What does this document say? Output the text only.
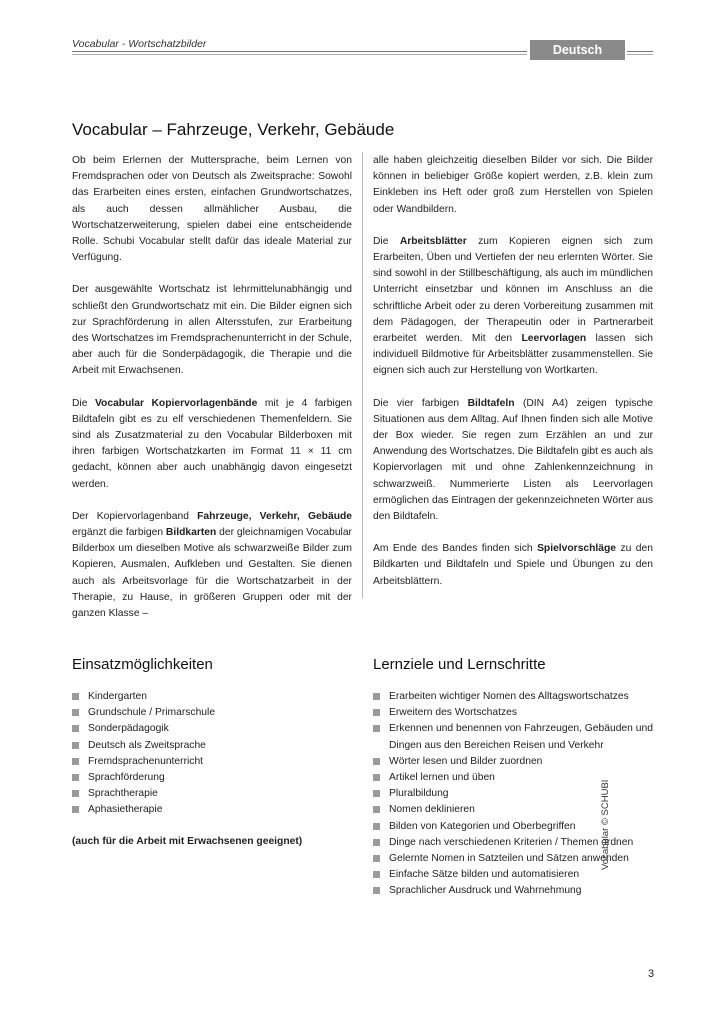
Vocabular - Wortschatzbilder	Deutsch
Vocabular – Fahrzeuge, Verkehr, Gebäude

Ob beim Erlernen der Muttersprache, beim Lernen von Fremdsprachen oder von Deutsch als Zweitsprache: Sowohl das Erarbeiten eines ersten, einfachen Grundwortschatzes, als auch dessen allmählicher Ausbau, die Wortschatzerweiterung, spielen dabei eine entscheidende Rolle. Schubi Vocabular stellt dafür das ideale Material zur Verfügung.

Der ausgewählte Wortschatz ist lehrmittelunabhängig und schließt den Grundwortschatz mit ein. Die Bilder eignen sich zur Sprachförderung in allen Altersstufen, zur Erarbeitung des Wortschatzes im Fremdsprachenunterricht in der Schule, aber auch für die Sonderpädagogik, die Therapie und die Arbeit mit Erwachsenen.

Die Vocabular Kopiervorlagenbände mit je 4 farbigen Bildtafeln gibt es zu elf verschiedenen Themenfeldern. Sie sind als Zusatzmaterial zu den Vocabular Bilderboxen mit ihren farbigen Wortschatzkarten im Format 11 × 11 cm gedacht, können aber auch unabhängig davon eingesetzt werden.

Der Kopiervorlagenband Fahrzeuge, Verkehr, Gebäude ergänzt die farbigen Bildkarten der gleichnamigen Vocabular Bilderbox um dieselben Motive als schwarzweiße Bilder zum Kopieren, Ausmalen, Aufkleben und Gestalten. Sie dienen auch als Arbeitsvorlage für die Wortschatzarbeit in der Therapie, zu Hause, in größeren Gruppen oder mit der ganzen Klasse –

alle haben gleichzeitig dieselben Bilder vor sich. Die Bilder können in beliebiger Größe kopiert werden, z.B. klein zum Einkleben ins Heft oder groß zum Herstellen von Spielen oder Wandbildern.

Die Arbeitsblätter zum Kopieren eignen sich zum Erarbeiten, Üben und Vertiefen der neu erlernten Wörter. Sie sind sowohl in der Stillbeschäftigung, als auch im mündlichen Unterricht einsetzbar und können im Anschluss an die schriftliche Arbeit oder zu deren Vorbereitung zusammen mit dem Pädagogen, der Therapeutin oder in Partnerarbeit erarbeitet werden. Mit den Leervorlagen lassen sich individuell Bildmotive für Arbeitsblätter zusammenstellen. Sie eignen sich auch zur Herstellung von Wortkarten.

Die vier farbigen Bildtafeln (DIN A4) zeigen typische Situationen aus dem Alltag. Auf Ihnen finden sich alle Motive der Box wieder. Sie regen zum Erzählen an und zur Anwendung des Wortschatzes. Die Bildtafeln gibt es auch als Kopiervorlagen mit und ohne Zahlenkennzeichnung in schwarzweiß. Nummerierte Listen als Leervorlagen ermöglichen das Eintragen der gekennzeichneten Wörter aus den Bildtafeln.

Am Ende des Bandes finden sich Spielvorschläge zu den Bildkarten und Bildtafeln und Spiele und Übungen zu den Arbeitsblättern.

Einsatzmöglichkeiten
Kindergarten
Grundschule / Primarschule
Sonderpädagogik
Deutsch als Zweitsprache
Fremdsprachenunterricht
Sprachförderung
Sprachtherapie
Aphasietherapie
(auch für die Arbeit mit Erwachsenen geeignet)
Lernziele und Lernschritte
Erarbeiten wichtiger Nomen des Alltagswortschatzes
Erweitern des Wortschatzes
Erkennen und benennen von Fahrzeugen, Gebäuden und Dingen aus den Bereichen Reisen und Verkehr
Wörter lesen und Bilder zuordnen
Artikel lernen und üben
Pluralbildung
Nomen deklinieren
Bilden von Kategorien und Oberbegriffen
Dinge nach verschiedenen Kriterien / Themen ordnen
Gelernte Nomen in Satzteilen und Sätzen anwenden
Einfache Sätze bilden und automatisieren
Sprachlicher Ausdruck und Wahrnehmung
Vocabular © SCHUBI
3
